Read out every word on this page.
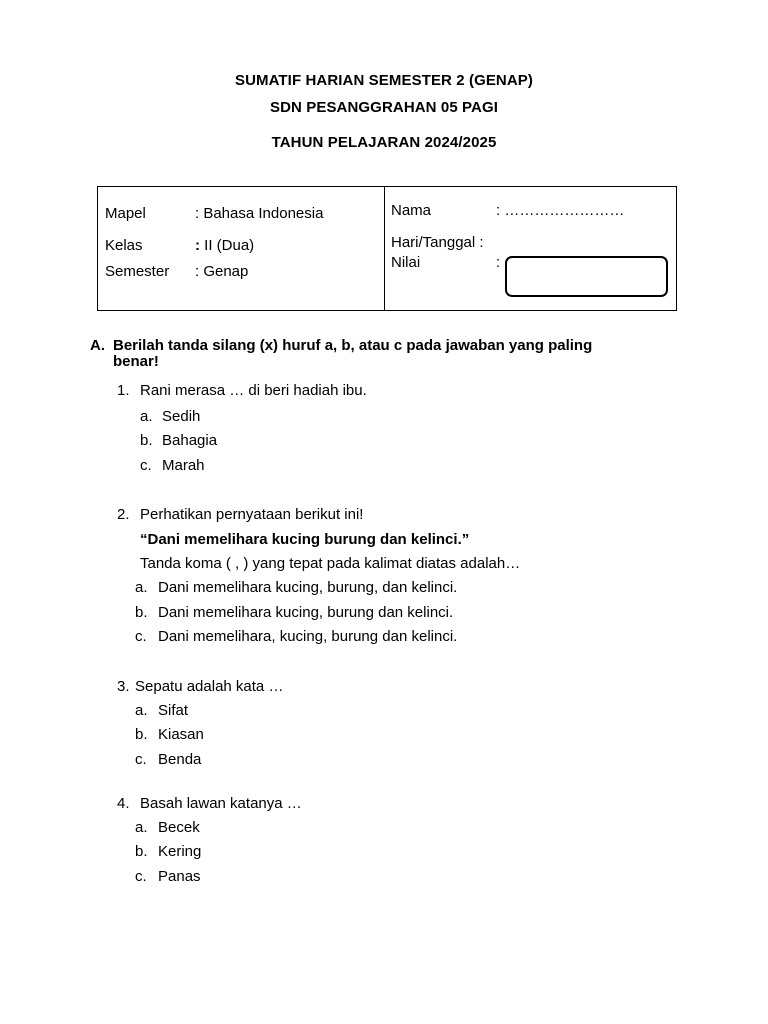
SUMATIF HARIAN SEMESTER 2 (GENAP)
SDN PESANGGRAHAN 05 PAGI
TAHUN PELAJARAN 2024/2025
Mapel	: Bahasa Indonesia
Kelas	: II (Dua)
Semester : Genap
Nama	: ……………………
Hari/Tanggal :
Nilai	:
A. Berilah tanda silang (x) huruf a, b, atau c pada jawaban yang paling
benar!
1. Rani merasa … di beri hadiah ibu.
a. Sedih
b. Bahagia
c. Marah
2. Perhatikan pernyataan berikut ini!
“Dani memelihara kucing burung dan kelinci.”
Tanda koma ( , ) yang tepat pada kalimat diatas adalah…
a. Dani memelihara kucing, burung, dan kelinci.
b. Dani memelihara kucing, burung dan kelinci.
c. Dani memelihara, kucing, burung dan kelinci.
3. Sepatu adalah kata …
a. Sifat
b. Kiasan
c. Benda
4. Basah lawan katanya …
a. Becek
b. Kering
c. Panas
